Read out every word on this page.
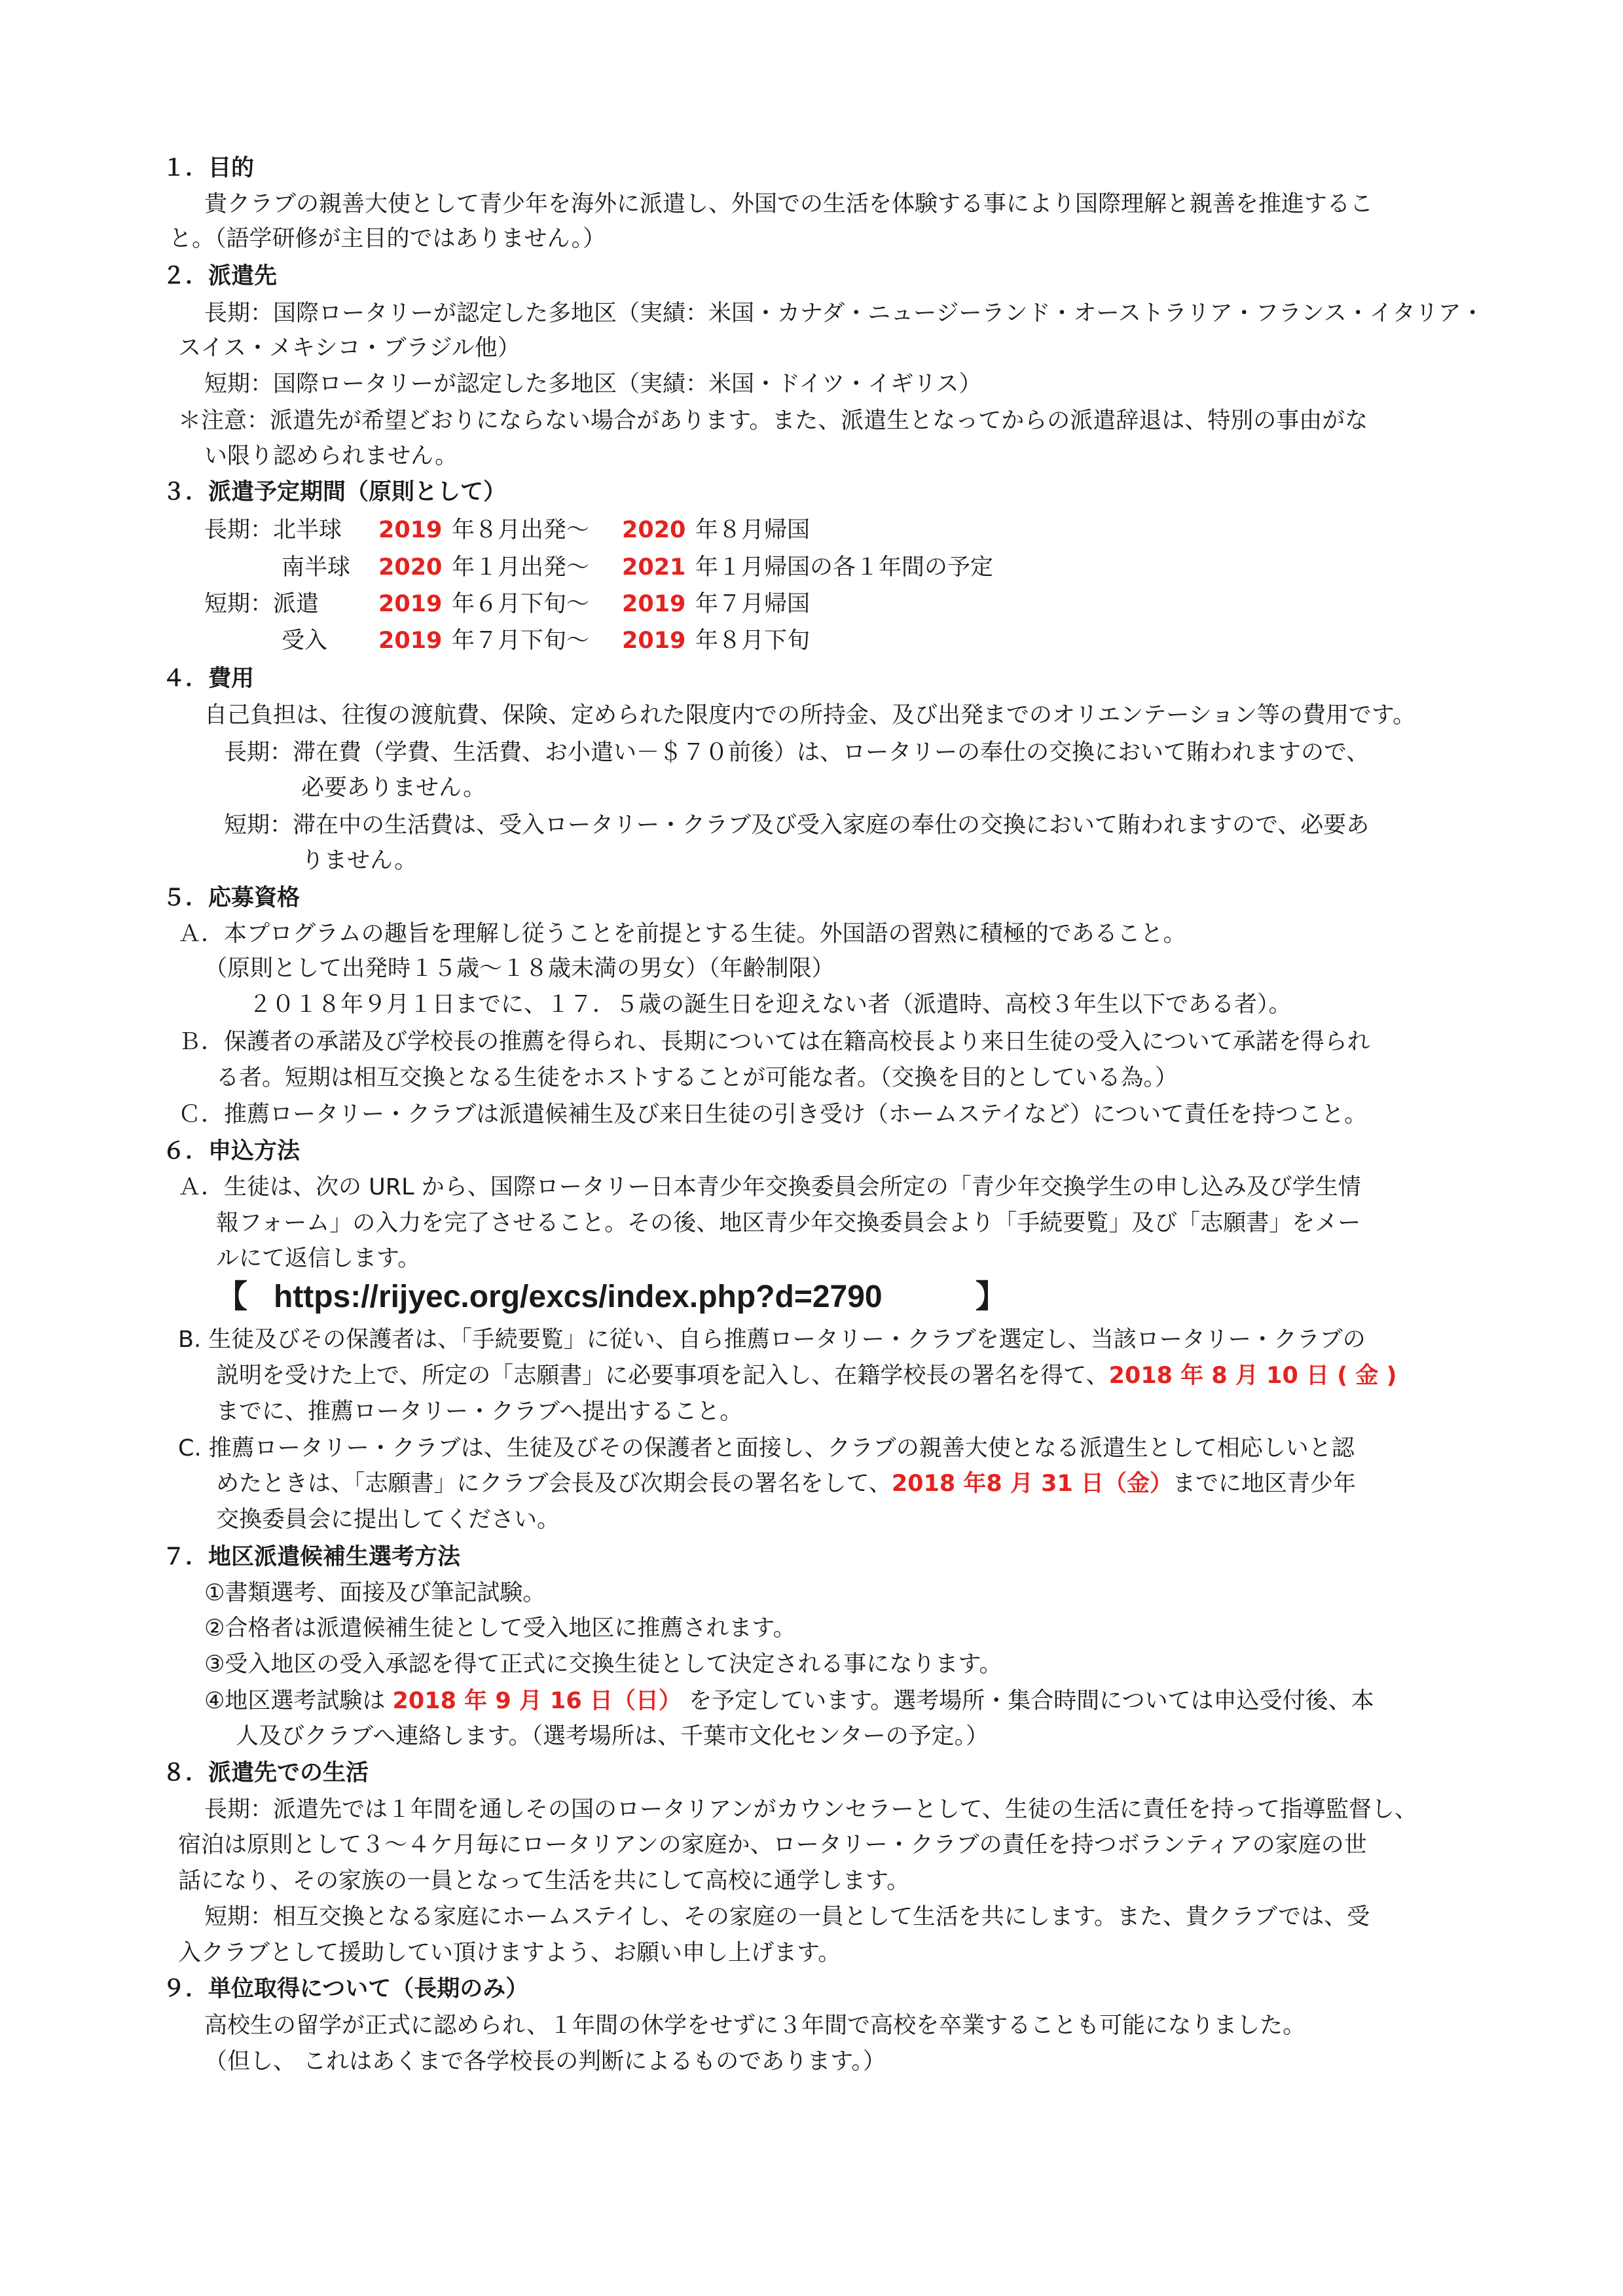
１．目的
貴クラブの親善大使として青少年を海外に派遣し、外国での生活を体験する事により国際理解と親善を推進するこ
と。（語学研修が主目的ではありません。）
２．派遣先
長期：国際ロータリーが認定した多地区（実績：米国・カナダ・ニュージーランド・オーストラリア・フランス・イタリア・
スイス・メキシコ・ブラジル他）
短期：国際ロータリーが認定した多地区（実績：米国・ドイツ・イギリス）
＊注意：派遣先が希望どおりにならない場合があります。また、派遣生となってからの派遣辞退は、特別の事由がな
い限り認められません。
３．派遣予定期間（原則として）
長期：北半球 2019 年８月出発～ 2020 年８月帰国
南半球 2020 年１月出発～ 2021 年１月帰国の各１年間の予定
短期：派遣	2019 年６月下旬～ 2019 年７月帰国
受入 2019 年７月下旬～ 2019 年８月下旬
４．費用
自己負担は、往復の渡航費、保険、定められた限度内での所持金、及び出発までのオリエンテーション等の費用です。
長期：滞在費（学費、生活費、お小遣い－＄７０前後）は、ロータリーの奉仕の交換において賄われますので、
必要ありません。
短期：滞在中の生活費は、受入ロータリー・クラブ及び受入家庭の奉仕の交換において賄われますので、必要あ
りません。
５．応募資格
Ａ．本プログラムの趣旨を理解し従うことを前提とする生徒。外国語の習熟に積極的であること。
（原則として出発時１５歳～１８歳未満の男女）（年齢制限）
２０１８年９月１日までに、１７．５歳の誕生日を迎えない者（派遣時、高校３年生以下である者）。
Ｂ．保護者の承諾及び学校長の推薦を得られ、長期については在籍高校長より来日生徒の受入について承諾を得られ
る者。短期は相互交換となる生徒をホストすることが可能な者。（交換を目的としている為。）
Ｃ．推薦ロータリー・クラブは派遣候補生及び来日生徒の引き受け（ホームステイなど）について責任を持つこと。
６．申込方法
Ａ．生徒は、次の URL から、国際ロータリー日本青少年交換委員会所定の「青少年交換学生の申し込み及び学生情
報フォーム」の入力を完了させること。その後、地区青少年交換委員会より「手続要覧」及び「志願書」をメー
ルにて返信します。
【 https://rijyec.org/excs/index.php?d=2790	】
B. 生徒及びその保護者は、「手続要覧」に従い、自ら推薦ロータリー・クラブを選定し、当該ロータリー・クラブの
説明を受けた上で、所定の「志願書」に必要事項を記入し、在籍学校長の署名を得て、2018 年 8 月 10 日 ( 金 )
までに、推薦ロータリー・クラブへ提出すること。
C. 推薦ロータリー・クラブは、生徒及びその保護者と面接し、クラブの親善大使となる派遣生として相応しいと認
めたときは、「志願書」にクラブ会長及び次期会長の署名をして、2018 年8 月 31 日（金）までに地区青少年
交換委員会に提出してください。
７．地区派遣候補生選考方法
①書類選考、面接及び筆記試験。
②合格者は派遣候補生徒として受入地区に推薦されます。
③受入地区の受入承認を得て正式に交換生徒として決定される事になります。
④地区選考試験は 2018 年 9 月 16 日（日） を予定しています。選考場所・集合時間については申込受付後、本
人及びクラブへ連絡します。（選考場所は、千葉市文化センターの予定。）
８．派遣先での生活
長期：派遣先では１年間を通しその国のロータリアンがカウンセラーとして、生徒の生活に責任を持って指導監督し、
宿泊は原則として３～４ケ月毎にロータリアンの家庭か、ロータリー・クラブの責任を持つボランティアの家庭の世
話になり、その家族の一員となって生活を共にして高校に通学します。
短期：相互交換となる家庭にホームステイし、その家庭の一員として生活を共にします。また、貴クラブでは、受
入クラブとして援助してい頂けますよう、お願い申し上げます。
９．単位取得について（長期のみ）
高校生の留学が正式に認められ、１年間の休学をせずに３年間で高校を卒業することも可能になりました。
（但し、 これはあくまで各学校長の判断によるものであります。）
